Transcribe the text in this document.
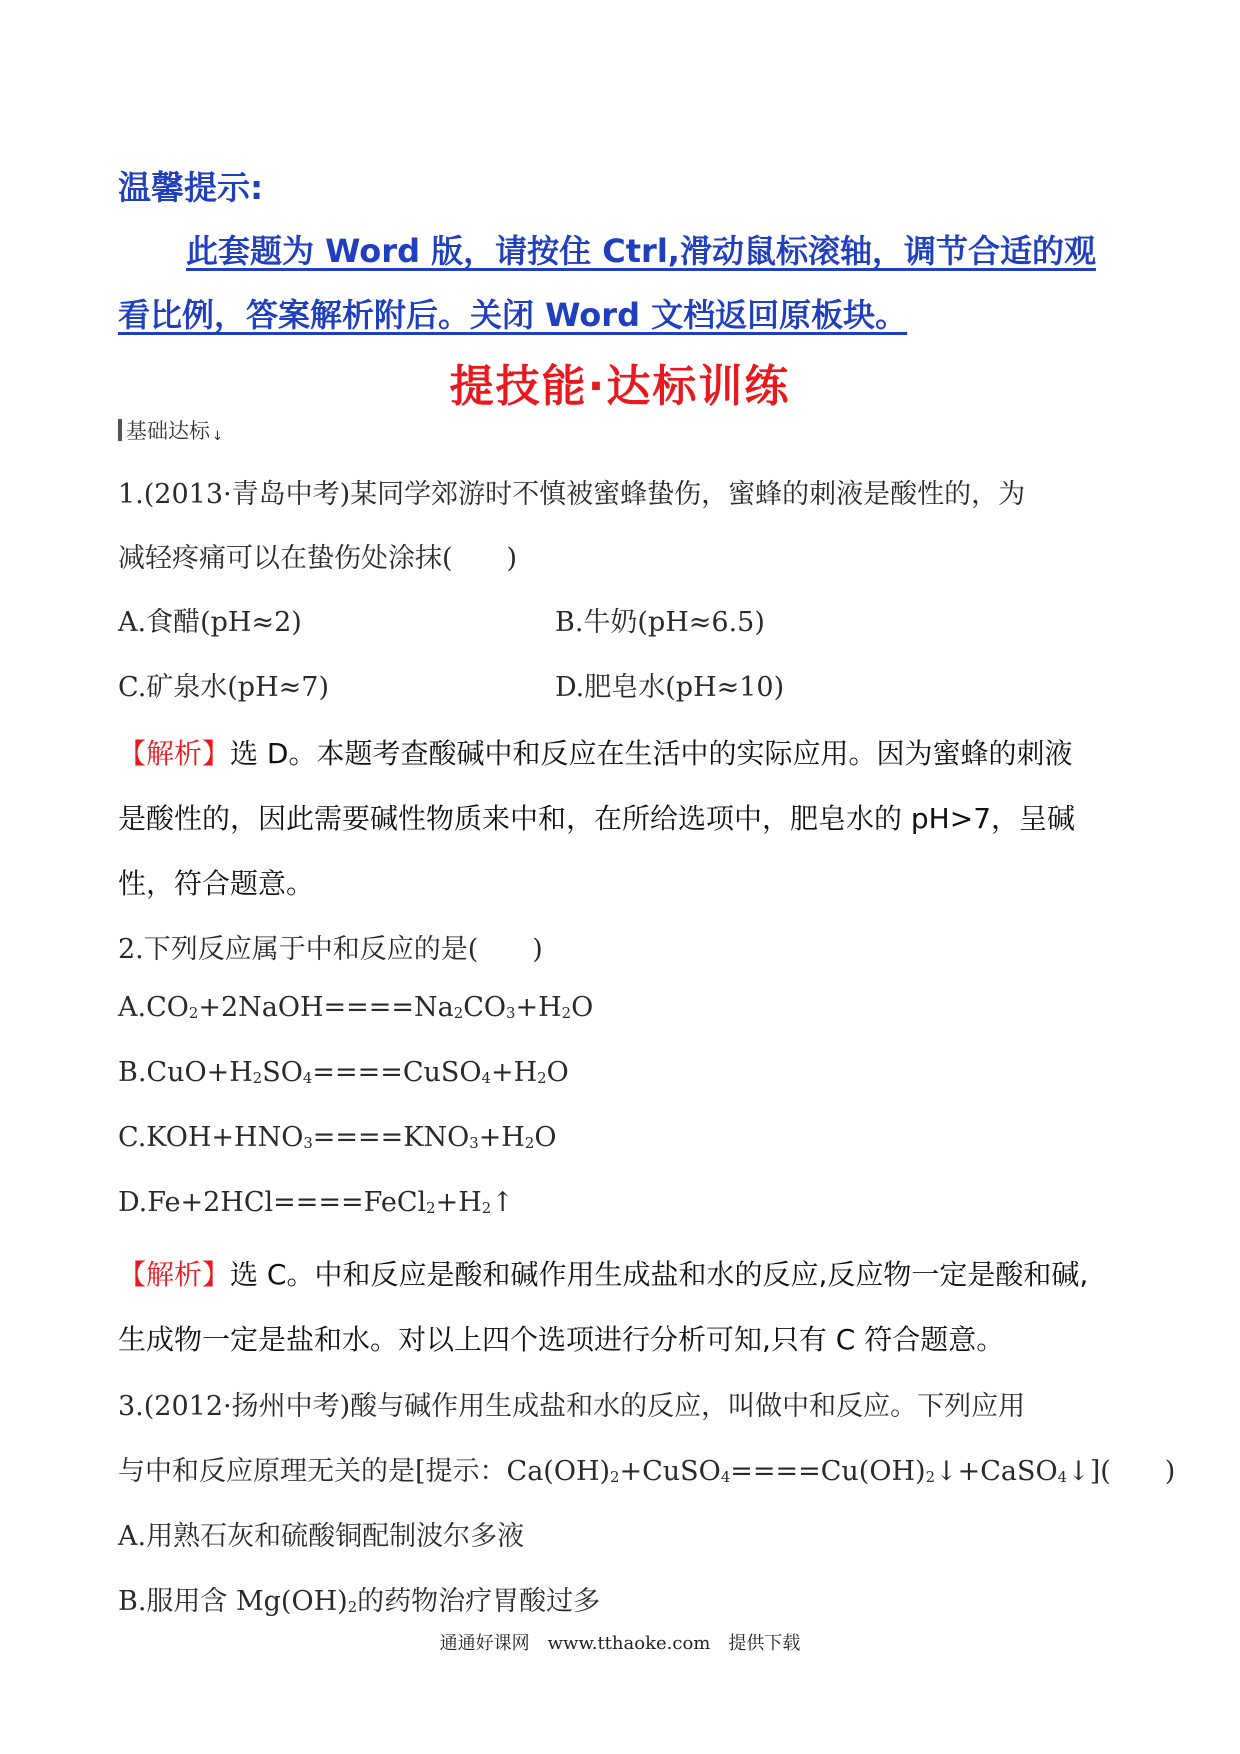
温馨提示:
此套题为 Word 版，请按住 Ctrl,滑动鼠标滚轴，调节合适的观
看比例，答案解析附后。关闭 Word 文档返回原板块。
提技能·达标训练
基础达标 ↓
1.(2013·青岛中考)某同学郊游时不慎被蜜蜂蛰伤，蜜蜂的刺液是酸性的，为
减轻疼痛可以在蛰伤处涂抹(　　)
A.食醋(pH≈2)	B.牛奶(pH≈6.5)
C.矿泉水(pH≈7)	D.肥皂水(pH≈10)
【解析】选 D。本题考查酸碱中和反应在生活中的实际应用。因为蜜蜂的刺液
是酸性的，因此需要碱性物质来中和，在所给选项中，肥皂水的 pH>7，呈碱
性，符合题意。
2.下列反应属于中和反应的是(　　)
$A.CO_2+2NaOH====Na_2CO_3+H_2O$
$B.CuO+H_2SO_4====CuSO_4+H_2O$
$C.KOH+HNO_3====KNO_3+H_2O$
$D.Fe+2HCl====FeCl_2+H_2↑$
【解析】选 C。中和反应是酸和碱作用生成盐和水的反应,反应物一定是酸和碱,
生成物一定是盐和水。对以上四个选项进行分析可知,只有 C 符合题意。
3.(2012·扬州中考)酸与碱作用生成盐和水的反应，叫做中和反应。下列应用
与中和反应原理无关的是[提示：$Ca(OH)_2+CuSO_4====Cu(OH)_2↓+CaSO_4↓$](　　)
A.用熟石灰和硫酸铜配制波尔多液
B.服用含 $Mg(OH)_2$的药物治疗胃酸过多
通通好课网　www.tthaoke.com　提供下载
